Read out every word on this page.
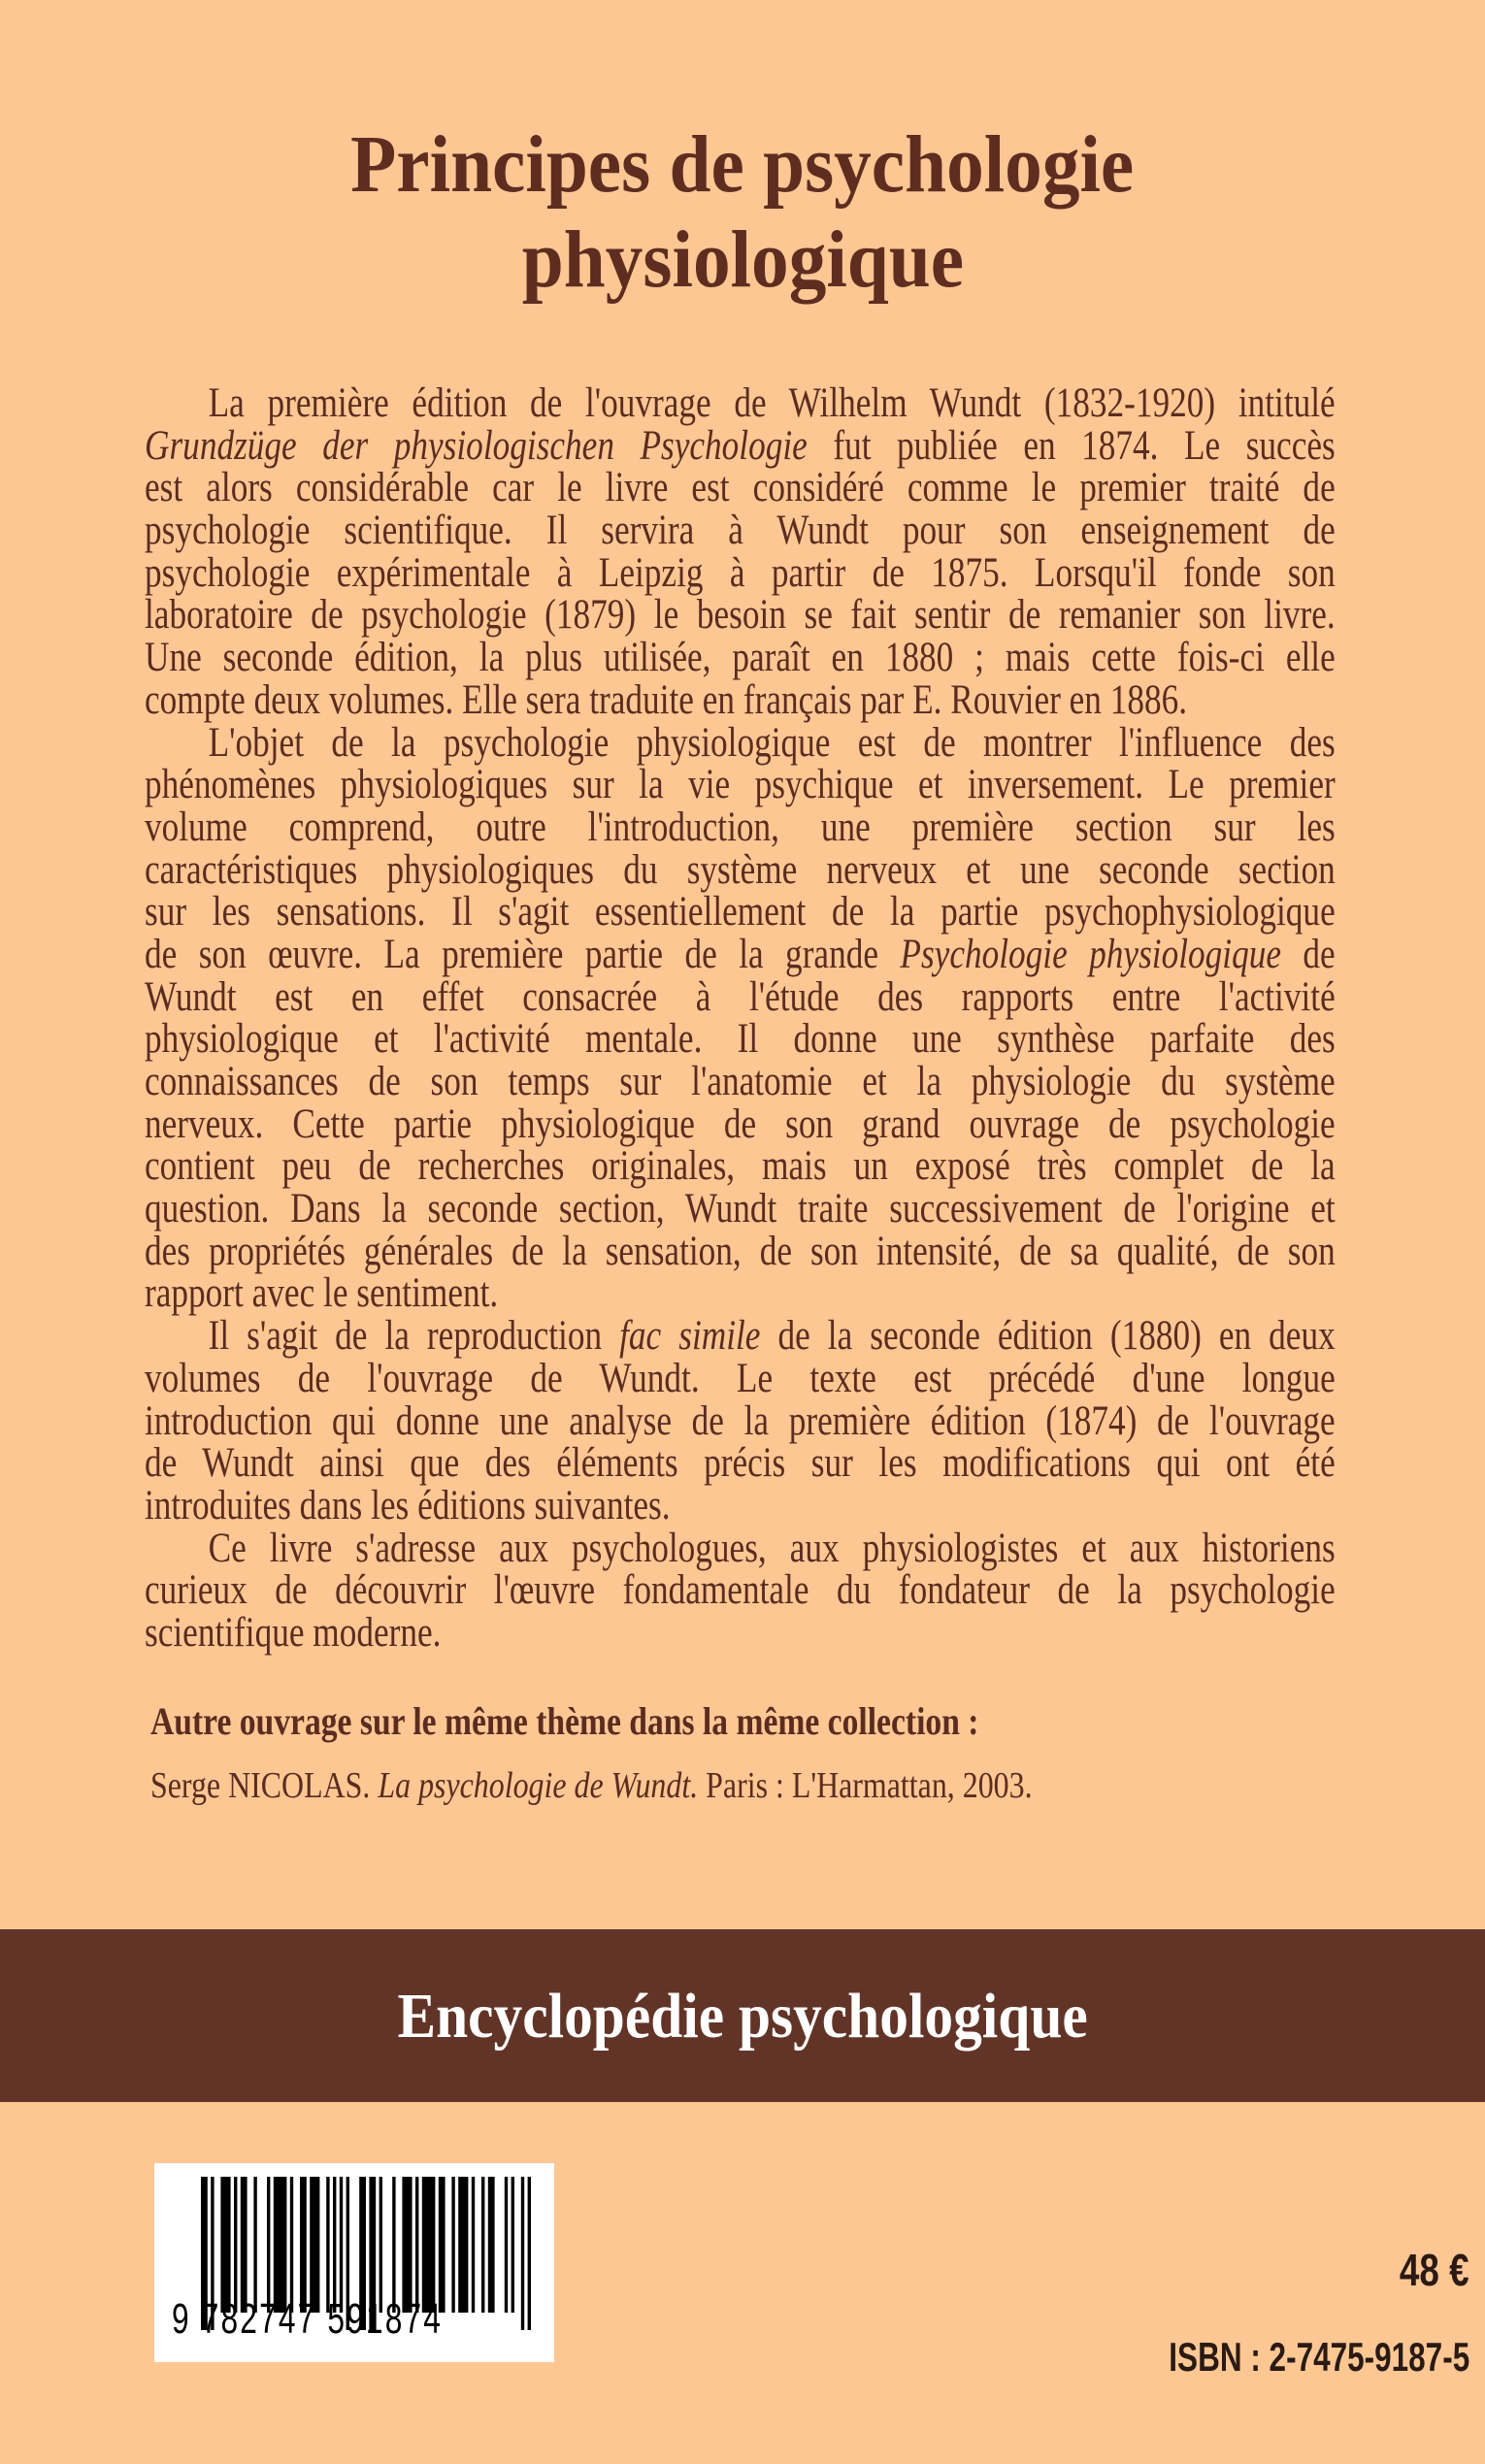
Principes de psychologie
physiologique
La première édition de l'ouvrage de Wilhelm Wundt (1832-1920) intitulé
Grundzüge der physiologischen Psychologie fut publiée en 1874. Le succès
est alors considérable car le livre est considéré comme le premier traité de
psychologie scientifique. Il servira à Wundt pour son enseignement de
psychologie expérimentale à Leipzig à partir de 1875. Lorsqu'il fonde son
laboratoire de psychologie (1879) le besoin se fait sentir de remanier son livre.
Une seconde édition, la plus utilisée, paraît en 1880 ; mais cette fois-ci elle
compte deux volumes. Elle sera traduite en français par E. Rouvier en 1886.
L'objet de la psychologie physiologique est de montrer l'influence des
phénomènes physiologiques sur la vie psychique et inversement. Le premier
volume comprend, outre l'introduction, une première section sur les
caractéristiques physiologiques du système nerveux et une seconde section
sur les sensations. Il s'agit essentiellement de la partie psychophysiologique
de son œuvre. La première partie de la grande Psychologie physiologique de
Wundt est en effet consacrée à l'étude des rapports entre l'activité
physiologique et l'activité mentale. Il donne une synthèse parfaite des
connaissances de son temps sur l'anatomie et la physiologie du système
nerveux. Cette partie physiologique de son grand ouvrage de psychologie
contient peu de recherches originales, mais un exposé très complet de la
question. Dans la seconde section, Wundt traite successivement de l'origine et
des propriétés générales de la sensation, de son intensité, de sa qualité, de son
rapport avec le sentiment.
Il s'agit de la reproduction fac simile de la seconde édition (1880) en deux
volumes de l'ouvrage de Wundt. Le texte est précédé d'une longue
introduction qui donne une analyse de la première édition (1874) de l'ouvrage
de Wundt ainsi que des éléments précis sur les modifications qui ont été
introduites dans les éditions suivantes.
Ce livre s'adresse aux psychologues, aux physiologistes et aux historiens
curieux de découvrir l'œuvre fondamentale du fondateur de la psychologie
scientifique moderne.
Autre ouvrage sur le même thème dans la même collection :
Serge NICOLAS. La psychologie de Wundt. Paris : L'Harmattan, 2003.
Encyclopédie psychologique
9 782747 591874
48 €
ISBN : 2-7475-9187-5
